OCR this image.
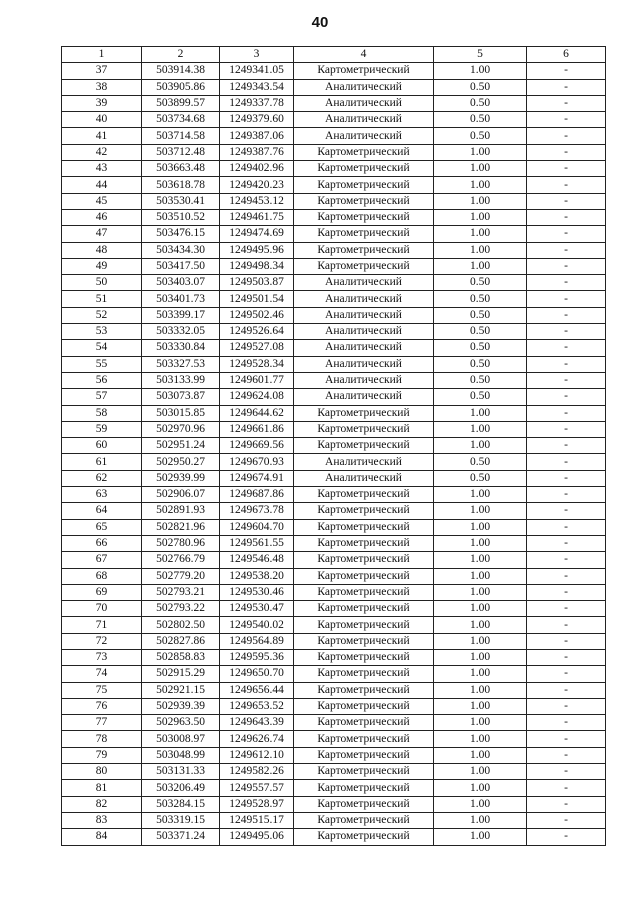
40
1	2	3	4	5	6
37	503914.38	1249341.05	Картометрический	1.00	-
38	503905.86	1249343.54	Аналитический	0.50	-
39	503899.57	1249337.78	Аналитический	0.50	-
40	503734.68	1249379.60	Аналитический	0.50	-
41	503714.58	1249387.06	Аналитический	0.50	-
42	503712.48	1249387.76	Картометрический	1.00	-
43	503663.48	1249402.96	Картометрический	1.00	-
44	503618.78	1249420.23	Картометрический	1.00	-
45	503530.41	1249453.12	Картометрический	1.00	-
46	503510.52	1249461.75	Картометрический	1.00	-
47	503476.15	1249474.69	Картометрический	1.00	-
48	503434.30	1249495.96	Картометрический	1.00	-
49	503417.50	1249498.34	Картометрический	1.00	-
50	503403.07	1249503.87	Аналитический	0.50	-
51	503401.73	1249501.54	Аналитический	0.50	-
52	503399.17	1249502.46	Аналитический	0.50	-
53	503332.05	1249526.64	Аналитический	0.50	-
54	503330.84	1249527.08	Аналитический	0.50	-
55	503327.53	1249528.34	Аналитический	0.50	-
56	503133.99	1249601.77	Аналитический	0.50	-
57	503073.87	1249624.08	Аналитический	0.50	-
58	503015.85	1249644.62	Картометрический	1.00	-
59	502970.96	1249661.86	Картометрический	1.00	-
60	502951.24	1249669.56	Картометрический	1.00	-
61	502950.27	1249670.93	Аналитический	0.50	-
62	502939.99	1249674.91	Аналитический	0.50	-
63	502906.07	1249687.86	Картометрический	1.00	-
64	502891.93	1249673.78	Картометрический	1.00	-
65	502821.96	1249604.70	Картометрический	1.00	-
66	502780.96	1249561.55	Картометрический	1.00	-
67	502766.79	1249546.48	Картометрический	1.00	-
68	502779.20	1249538.20	Картометрический	1.00	-
69	502793.21	1249530.46	Картометрический	1.00	-
70	502793.22	1249530.47	Картометрический	1.00	-
71	502802.50	1249540.02	Картометрический	1.00	-
72	502827.86	1249564.89	Картометрический	1.00	-
73	502858.83	1249595.36	Картометрический	1.00	-
74	502915.29	1249650.70	Картометрический	1.00	-
75	502921.15	1249656.44	Картометрический	1.00	-
76	502939.39	1249653.52	Картометрический	1.00	-
77	502963.50	1249643.39	Картометрический	1.00	-
78	503008.97	1249626.74	Картометрический	1.00	-
79	503048.99	1249612.10	Картометрический	1.00	-
80	503131.33	1249582.26	Картометрический	1.00	-
81	503206.49	1249557.57	Картометрический	1.00	-
82	503284.15	1249528.97	Картометрический	1.00	-
83	503319.15	1249515.17	Картометрический	1.00	-
84	503371.24	1249495.06	Картометрический	1.00	-
